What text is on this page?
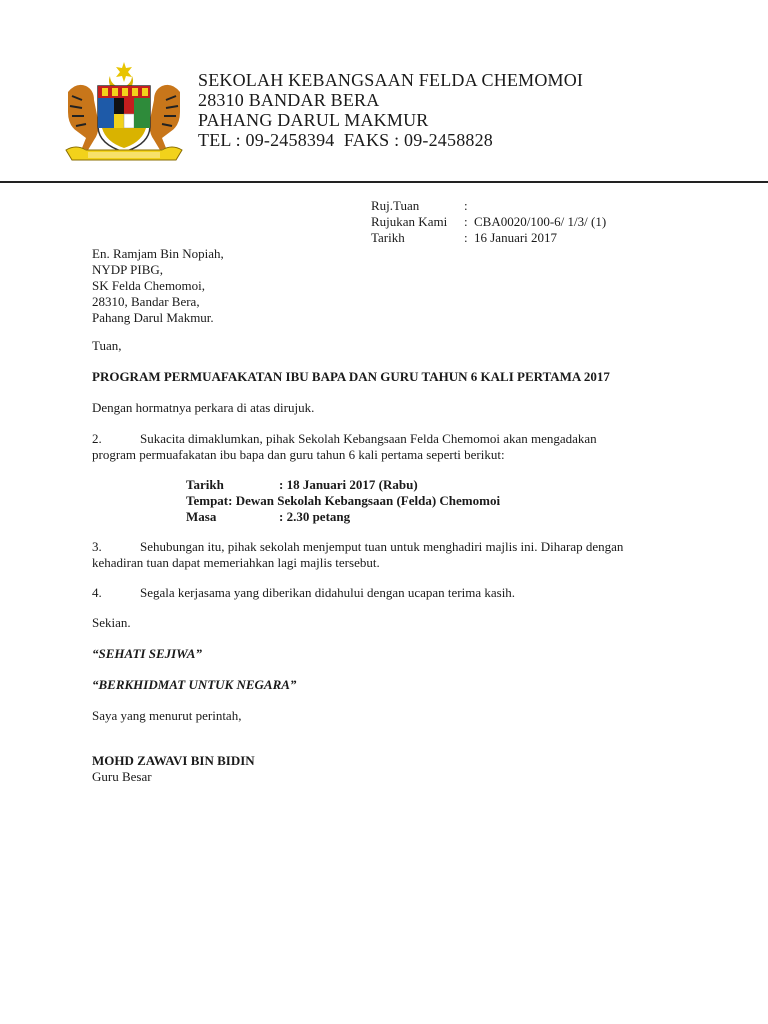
SEKOLAH KEBANGSAAN FELDA CHEMOMOI
28310 BANDAR BERA
PAHANG DARUL MAKMUR
TEL : 09-2458394  FAKS : 09-2458828
Ruj.Tuan	:
Rujukan Kami	: CBA0020/100-6/ 1/3/ (1)
Tarikh	: 16 Januari 2017
En. Ramjam Bin Nopiah,
NYDP PIBG,
SK Felda Chemomoi,
28310, Bandar Bera,
Pahang Darul Makmur.
Tuan,
PROGRAM PERMUAFAKATAN IBU BAPA DAN GURU TAHUN 6 KALI PERTAMA 2017
Dengan hormatnya perkara di atas dirujuk.
2.	Sukacita dimaklumkan, pihak Sekolah Kebangsaan Felda Chemomoi akan mengadakan
program permuafakatan ibu bapa dan guru tahun 6 kali pertama seperti berikut:
Tarikh	: 18 Januari 2017 (Rabu)
Tempat: Dewan Sekolah Kebangsaan (Felda) Chemomoi
Masa	: 2.30 petang
3.	Sehubungan itu, pihak sekolah menjemput tuan untuk menghadiri majlis ini. Diharap dengan
kehadiran tuan dapat memeriahkan lagi majlis tersebut.
4.	Segala kerjasama yang diberikan didahului dengan ucapan terima kasih.
Sekian.
“SEHATI SEJIWA”
“BERKHIDMAT UNTUK NEGARA”
Saya yang menurut perintah,
MOHD ZAWAVI BIN BIDIN
Guru Besar
